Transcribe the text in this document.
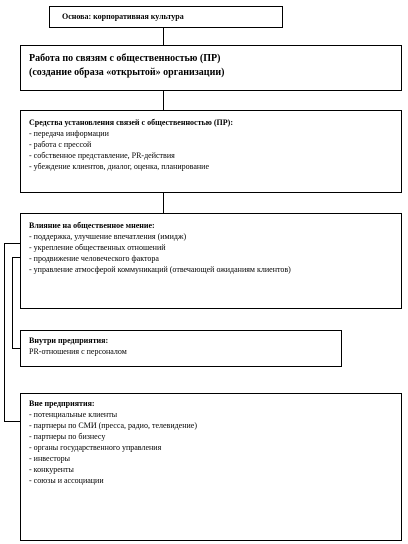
Основа: корпоративная культура
Работа по связям с общественностью (ПР)
(создание образа «открытой» организации)
Средства установления связей с общественностью (ПР):
- передача информации
- работа с прессой
- собственное представление, PR-действия
- убеждение клиентов, диалог, оценка, планирование
Влияние на общественное мнение:
- поддержка, улучшение впечатления (имидж)
- укрепление общественных отношений
- продвижение человеческого фактора
- управление атмосферой коммуникаций (отвечающей ожиданиям клиентов)
Внутри предприятия:
PR-отношения с персоналом
Вне предприятия:
- потенциальные клиенты
- партнеры по СМИ (пресса, радио, телевидение)
- партнеры по бизнесу
- органы государственного управления
- инвесторы
- конкуренты
- союзы и ассоциации
